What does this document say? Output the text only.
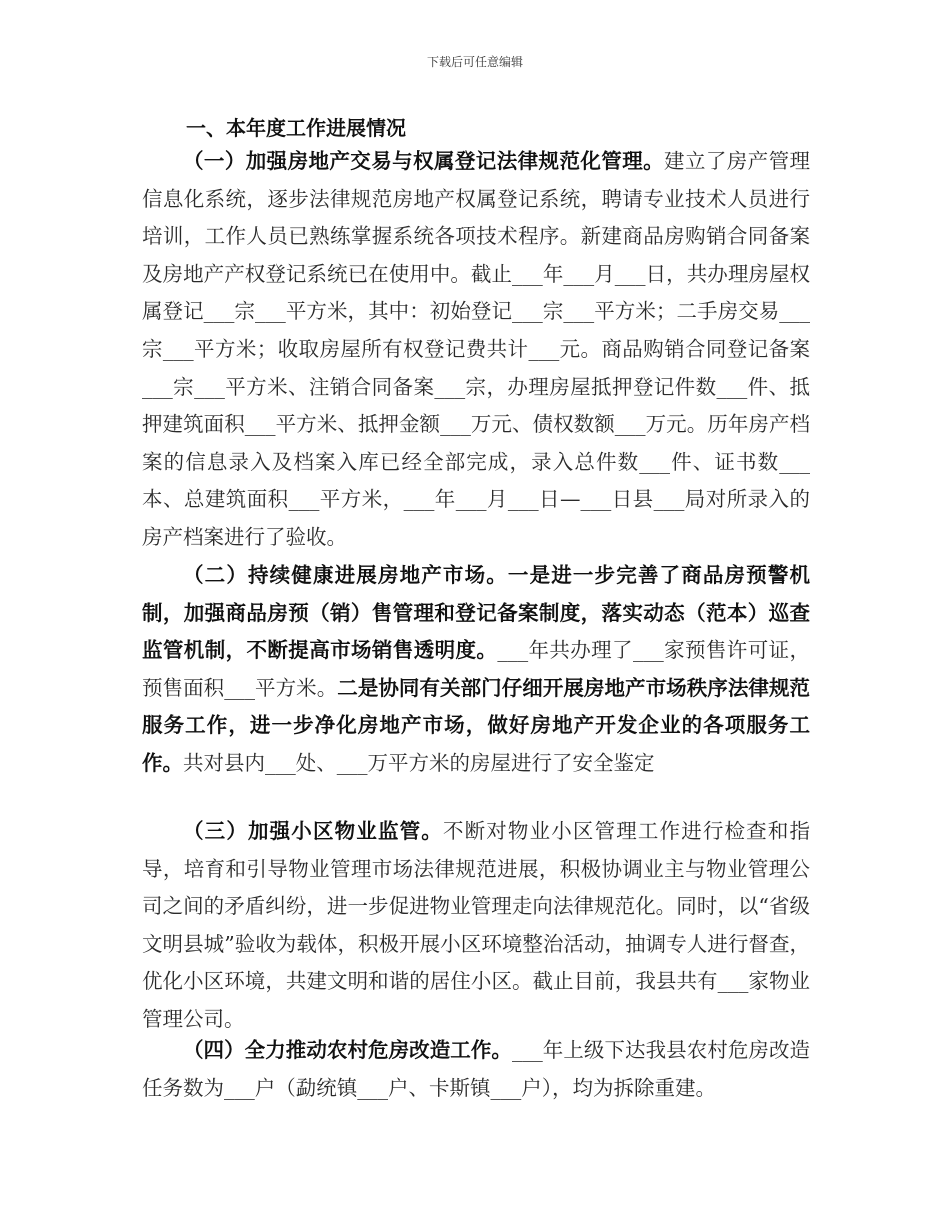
下载后可任意编辑
一、本年度工作进展情况

（一）加强房地产交易与权属登记法律规范化管理。建立了房产管理信息化系统，逐步法律规范房地产权属登记系统，聘请专业技术人员进行培训，工作人员已熟练掌握系统各项技术程序。新建商品房购销合同备案及房地产产权登记系统已在使用中。截止___年___月___日，共办理房屋权属登记___宗___平方米，其中：初始登记___宗___平方米；二手房交易___宗___平方米；收取房屋所有权登记费共计___元。商品购销合同登记备案___宗___平方米、注销合同备案___宗，办理房屋抵押登记件数___件、抵押建筑面积___平方米、抵押金额___万元、债权数额___万元。历年房产档案的信息录入及档案入库已经全部完成，录入总件数___件、证书数___本、总建筑面积___平方米，___年___月___日—___日县___局对所录入的房产档案进行了验收。

（二）持续健康进展房地产市场。一是进一步完善了商品房预警机制，加强商品房预（销）售管理和登记备案制度，落实动态（范本）巡查监管机制，不断提高市场销售透明度。___年共办理了___家预售许可证，预售面积___平方米。二是协同有关部门仔细开展房地产市场秩序法律规范服务工作，进一步净化房地产市场，做好房地产开发企业的各项服务工作。共对县内___处、___万平方米的房屋进行了安全鉴定

（三）加强小区物业监管。不断对物业小区管理工作进行检查和指导，培育和引导物业管理市场法律规范进展，积极协调业主与物业管理公司之间的矛盾纠纷，进一步促进物业管理走向法律规范化。同时，以“省级文明县城”验收为载体，积极开展小区环境整治活动，抽调专人进行督查，优化小区环境，共建文明和谐的居住小区。截止目前，我县共有___家物业管理公司。

（四）全力推动农村危房改造工作。___年上级下达我县农村危房改造任务数为___户（勐统镇___户、卡斯镇___户），均为拆除重建。
